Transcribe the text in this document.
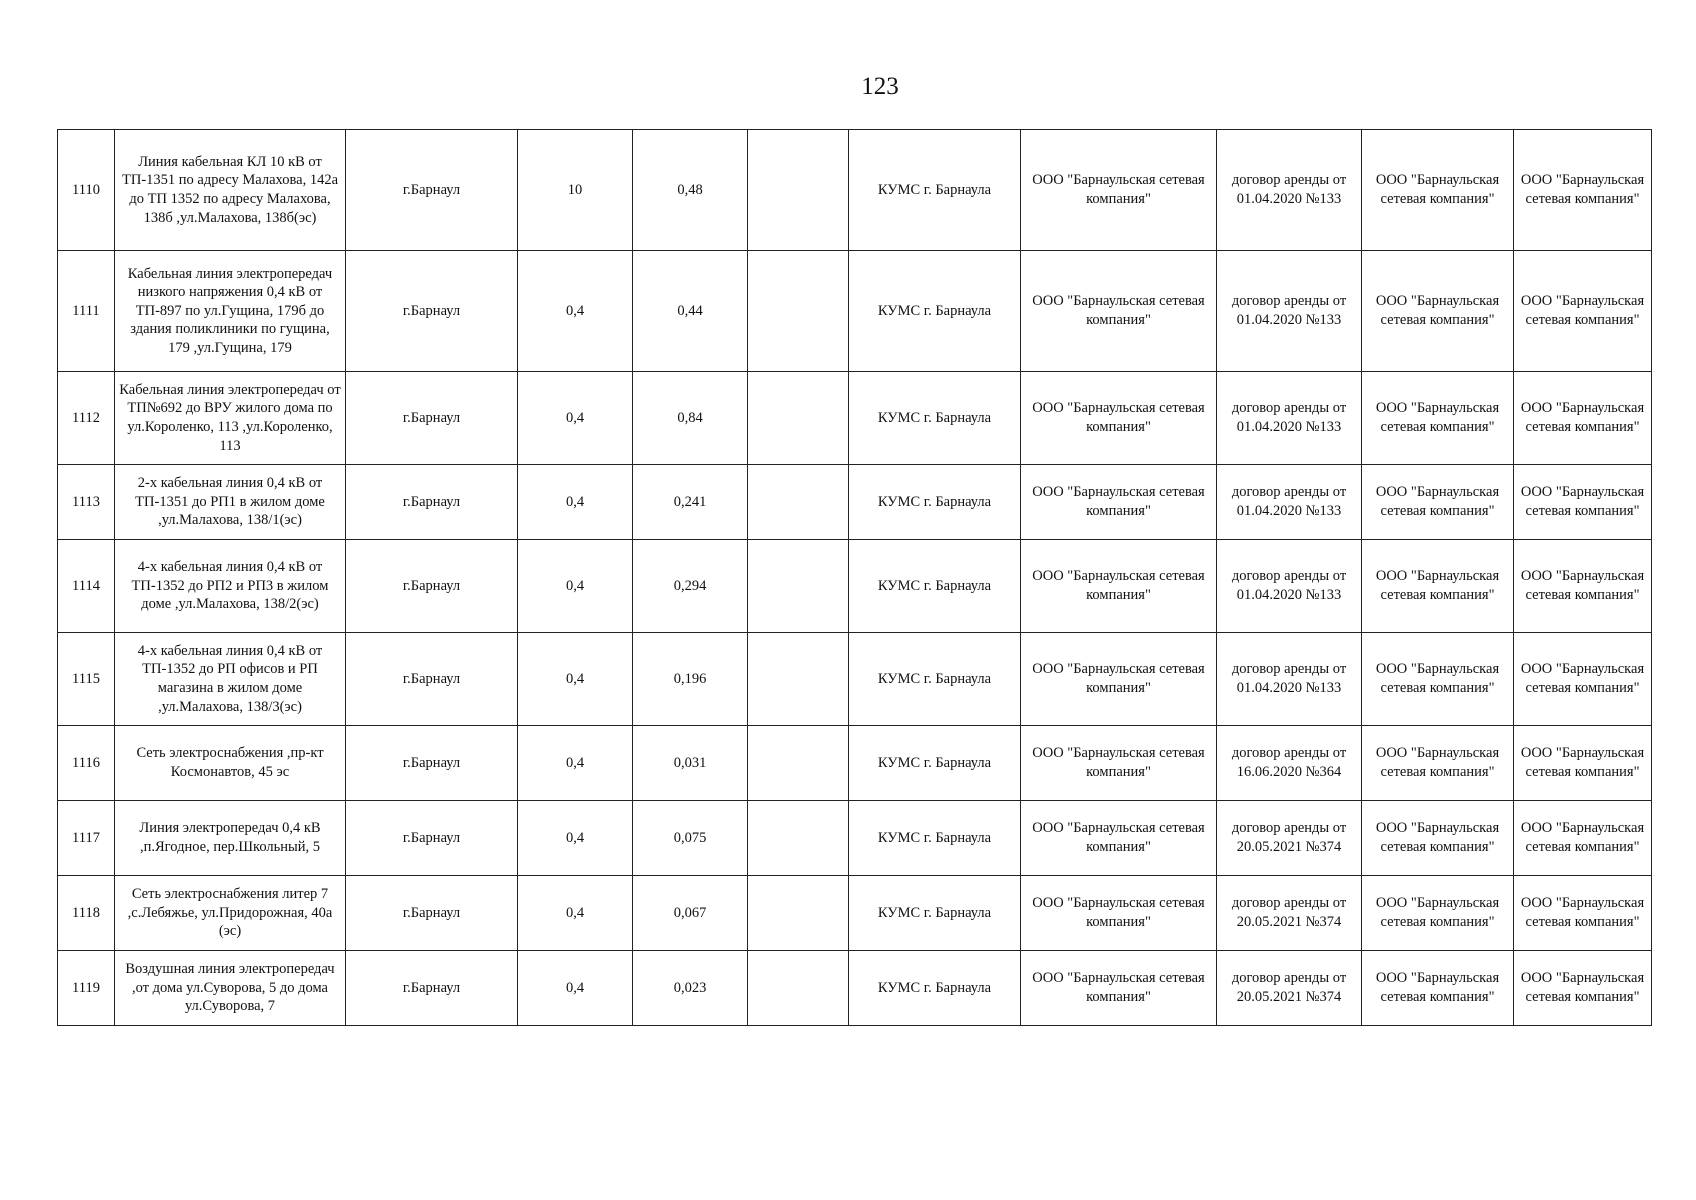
123
1110	Линия кабельная КЛ 10 кВ от ТП-1351 по адресу Малахова, 142а до ТП 1352 по адресу Малахова, 138б ,ул.Малахова, 138б(эс)	г.Барнаул	10	0,48		КУМС г. Барнаула	ООО "Барнаульская сетевая компания"	договор аренды от 01.04.2020 №133	ООО "Барнаульская сетевая компания"	ООО "Барнаульская сетевая компания"
1111	Кабельная линия электропередач низкого напряжения 0,4 кВ от ТП-897 по ул.Гущина, 179б до здания поликлиники по гущина, 179 ,ул.Гущина, 179	г.Барнаул	0,4	0,44		КУМС г. Барнаула	ООО "Барнаульская сетевая компания"	договор аренды от 01.04.2020 №133	ООО "Барнаульская сетевая компания"	ООО "Барнаульская сетевая компания"
1112	Кабельная линия электропередач от ТП№692 до ВРУ жилого дома по ул.Короленко, 113 ,ул.Короленко, 113	г.Барнаул	0,4	0,84		КУМС г. Барнаула	ООО "Барнаульская сетевая компания"	договор аренды от 01.04.2020 №133	ООО "Барнаульская сетевая компания"	ООО "Барнаульская сетевая компания"
1113	2-х кабельная линия 0,4 кВ от ТП-1351 до РП1 в жилом доме ,ул.Малахова, 138/1(эс)	г.Барнаул	0,4	0,241		КУМС г. Барнаула	ООО "Барнаульская сетевая компания"	договор аренды от 01.04.2020 №133	ООО "Барнаульская сетевая компания"	ООО "Барнаульская сетевая компания"
1114	4-х кабельная линия 0,4 кВ от ТП-1352 до РП2 и РП3 в жилом доме ,ул.Малахова, 138/2(эс)	г.Барнаул	0,4	0,294		КУМС г. Барнаула	ООО "Барнаульская сетевая компания"	договор аренды от 01.04.2020 №133	ООО "Барнаульская сетевая компания"	ООО "Барнаульская сетевая компания"
1115	4-х кабельная линия 0,4 кВ от ТП-1352 до РП офисов и РП магазина в жилом доме ,ул.Малахова, 138/3(эс)	г.Барнаул	0,4	0,196		КУМС г. Барнаула	ООО "Барнаульская сетевая компания"	договор аренды от 01.04.2020 №133	ООО "Барнаульская сетевая компания"	ООО "Барнаульская сетевая компания"
1116	Сеть электроснабжения ,пр-кт Космонавтов, 45 эс	г.Барнаул	0,4	0,031		КУМС г. Барнаула	ООО "Барнаульская сетевая компания"	договор аренды от 16.06.2020 №364	ООО "Барнаульская сетевая компания"	ООО "Барнаульская сетевая компания"
1117	Линия электропередач 0,4 кВ ,п.Ягодное, пер.Школьный, 5	г.Барнаул	0,4	0,075		КУМС г. Барнаула	ООО "Барнаульская сетевая компания"	договор аренды от 20.05.2021 №374	ООО "Барнаульская сетевая компания"	ООО "Барнаульская сетевая компания"
1118	Сеть электроснабжения литер 7 ,с.Лебяжье, ул.Придорожная, 40а (эс)	г.Барнаул	0,4	0,067		КУМС г. Барнаула	ООО "Барнаульская сетевая компания"	договор аренды от 20.05.2021 №374	ООО "Барнаульская сетевая компания"	ООО "Барнаульская сетевая компания"
1119	Воздушная линия электропередач ,от дома ул.Суворова, 5 до дома ул.Суворова, 7	г.Барнаул	0,4	0,023		КУМС г. Барнаула	ООО "Барнаульская сетевая компания"	договор аренды от 20.05.2021 №374	ООО "Барнаульская сетевая компания"	ООО "Барнаульская сетевая компания"
